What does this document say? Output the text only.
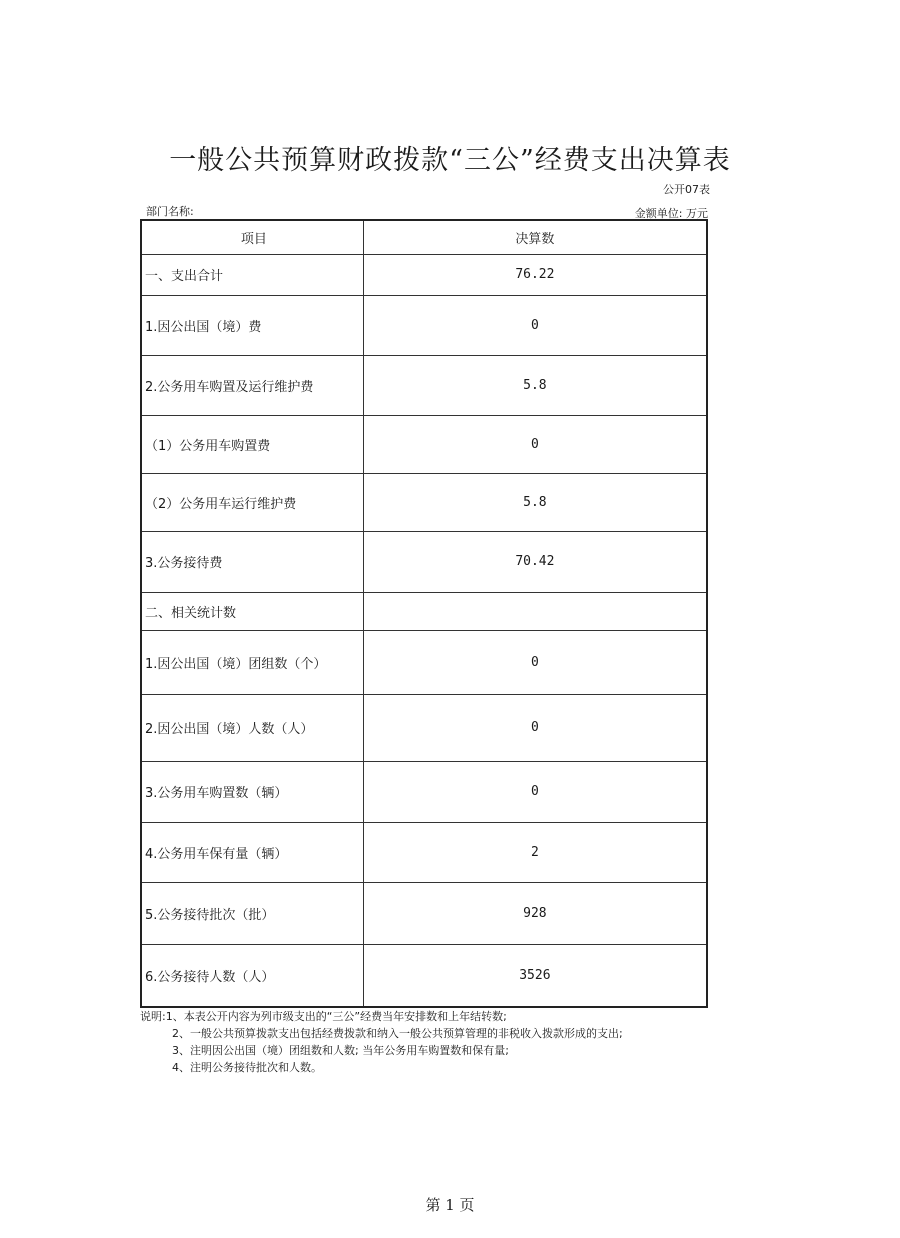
一般公共预算财政拨款“三公”经费支出决算表
公开07表
部门名称:	金额单位: 万元
项目	决算数
一、支出合计	76.22
1.因公出国（境）费	0
2.公务用车购置及运行维护费	5.8
（1）公务用车购置费	0
（2）公务用车运行维护费	5.8
3.公务接待费	70.42
二、相关统计数	
1.因公出国（境）团组数（个）	0
2.因公出国（境）人数（人）	0
3.公务用车购置数（辆）	0
4.公务用车保有量（辆）	2
5.公务接待批次（批）	928
6.公务接待人数（人）	3526
说明:1、本表公开内容为列市级支出的“三公”经费当年安排数和上年结转数;
2、一般公共预算拨款支出包括经费拨款和纳入一般公共预算管理的非税收入拨款形成的支出;
3、注明因公出国（境）团组数和人数; 当年公务用车购置数和保有量;
4、注明公务接待批次和人数。
第 1 页
